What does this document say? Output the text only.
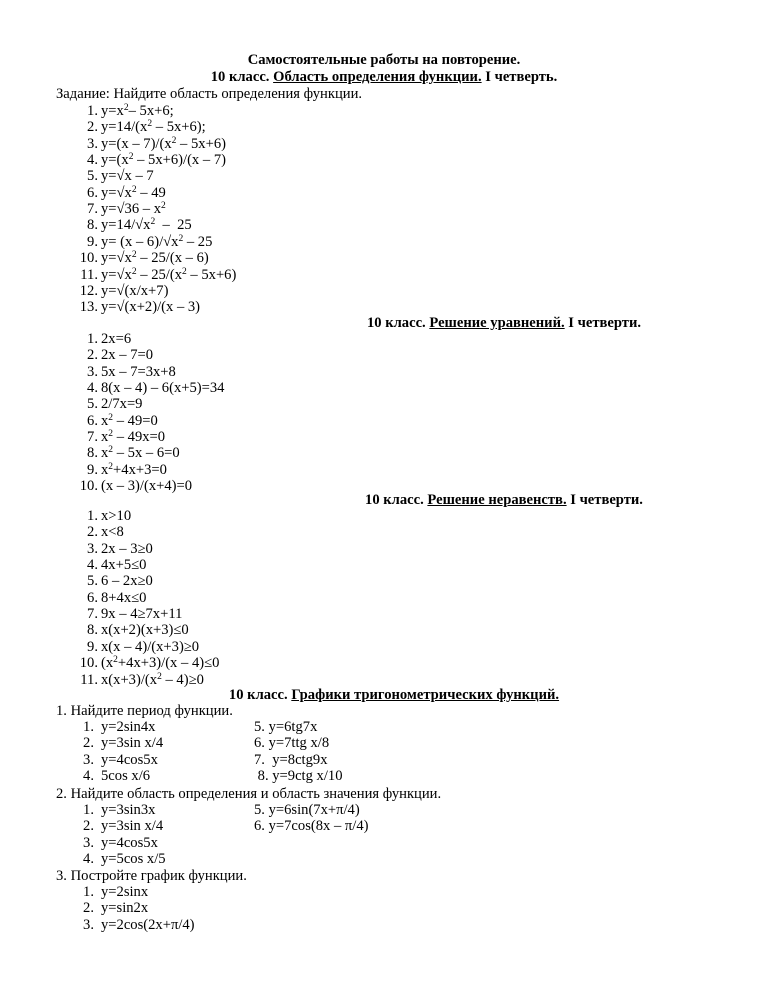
Самостоятельные работы на повторение.
10 класс. Область определения функции. I четверть.
Задание: Найдите область определения функции.
1. $y=x^2-$ 5x+6;
2. $y=14/(x^2 - 5x+6)$;
3. $y=(x - 7)/(x^2 - 5x+6)$
4. $y=(x^2 - 5x+6)/(x - 7)$
5. y=√x – 7
6. $y=√x^2 - 49$
7. $y=√36 - x^2$
8. $y=14/√x^2 - 25$
9. $y= (x - 6)/√x^2 - 25$
10. $y=√x^2 - 25/(x - 6)$
11. $y=√x^2 - 25/(x^2 - 5x+6)$
12. y=√(x/x+7)
13. y=√(x+2)/(x – 3)
10 класс. Решение уравнений. I четверти.
1. 2x=6
2. 2x – 7=0
3. 5x – 7=3x+8
4. 8(x – 4) – 6(x+5)=34
5. 2/7x=9
6. $x^2 - 49=0$
7. $x^2 - 49x=0$
8. $x^2 - 5x - 6=0$
9. $x^2+4x+3=0$
10. (x – 3)/(x+4)=0
10 класс. Решение неравенств. I четверти.
1. x>10
2. x<8
3. 2x – 3≥0
4. 4x+5≤0
5. 6 – 2x≥0
6. 8+4x≤0
7. 9x – 4≥7x+11
8. x(x+2)(x+3)≤0
9. x(x – 4)/(x+3)≥0
10. $(x^2+4x+3)/(x - 4)\le 0$
11. $x(x+3)/(x^2 - 4)\ge 0$
10 класс. Графики тригонометрических функций.
1. Найдите период функции.
1. y=2sin4x	5. y=6tg7x
2. y=3sin x/4	6. y=7ttg x/8
3. y=4cos5x	7.  y=8ctg9x
4. 5cos x/6	8. y=9ctg x/10
2. Найдите область определения и область значения функции.
1. y=3sin3x	5. y=6sin(7x+π/4)
2. y=3sin x/4	6. y=7cos(8x – π/4)
3. y=4cos5x
4. y=5cos x/5
3. Постройте график функции.
1. y=2sinx
2. y=sin2x
3. y=2cos(2x+π/4)
